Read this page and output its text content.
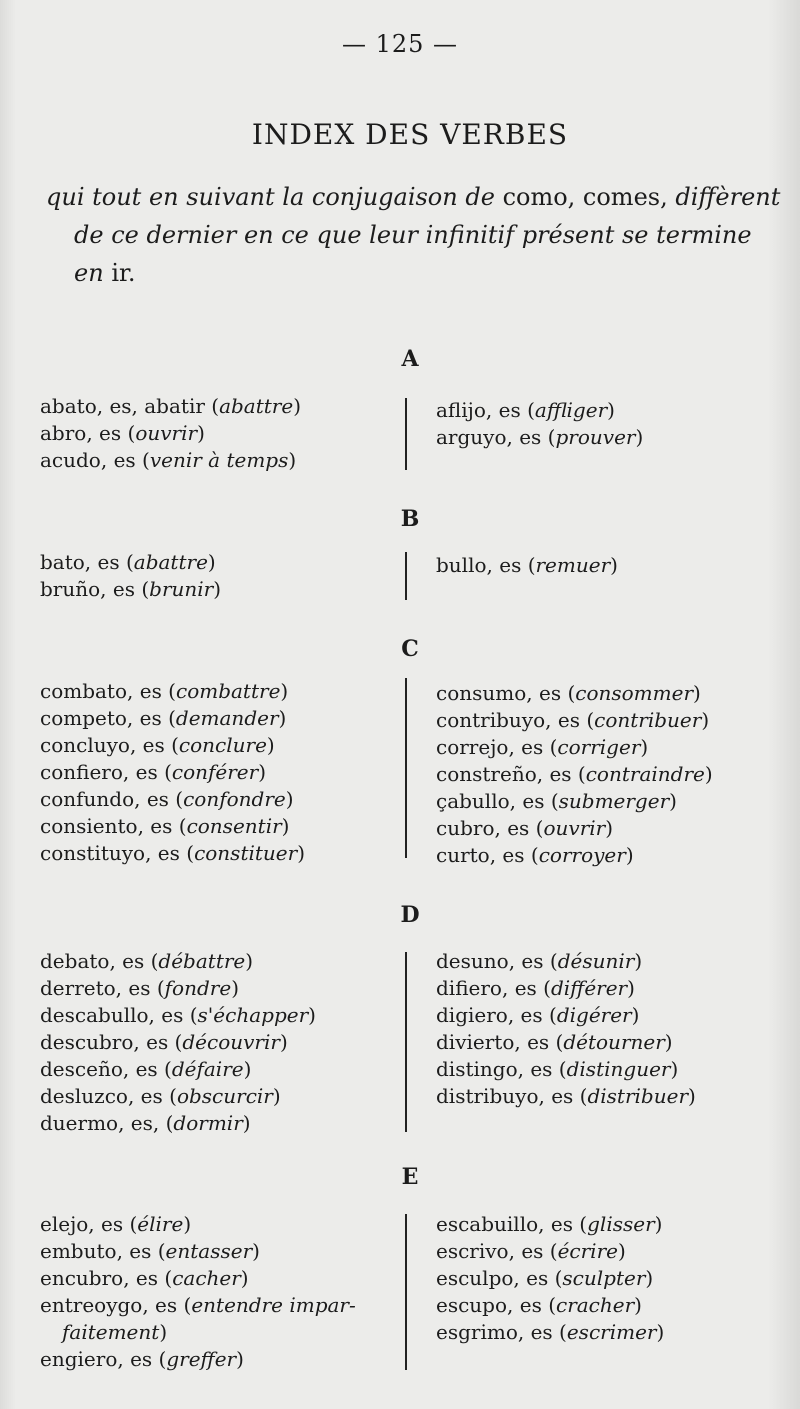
— 125 —
INDEX DES VERBES
qui tout en suivant la conjugaison de como, comes, diffèrent
de ce dernier en ce que leur infinitif présent se termine
en ir.
A
abato, es, abatir (abattre)
abro, es (ouvrir)
acudo, es (venir à temps)
aflijo, es (affliger)
arguyo, es (prouver)
B
bato, es (abattre)
bruño, es (brunir)
bullo, es (remuer)
C
combato, es (combattre)
competo, es (demander)
concluyo, es (conclure)
confiero, es (conférer)
confundo, es (confondre)
consiento, es (consentir)
constituyo, es (constituer)
consumo, es (consommer)
contribuyo, es (contribuer)
correjo, es (corriger)
constreño, es (contraindre)
çabullo, es (submerger)
cubro, es (ouvrir)
curto, es (corroyer)
D
debato, es (débattre)
derreto, es (fondre)
descabullo, es (s'échapper)
descubro, es (découvrir)
desceño, es (défaire)
desluzco, es (obscurcir)
duermo, es, (dormir)
desuno, es (désunir)
difiero, es (différer)
digiero, es (digérer)
divierto, es (détourner)
distingo, es (distinguer)
distribuyo, es (distribuer)
E
elejo, es (élire)
embuto, es (entasser)
encubro, es (cacher)
entreoygo, es (entendre impar-
faitement)
engiero, es (greffer)
escabuillo, es (glisser)
escrivo, es (écrire)
esculpo, es (sculpter)
escupo, es (cracher)
esgrimo, es (escrimer)
